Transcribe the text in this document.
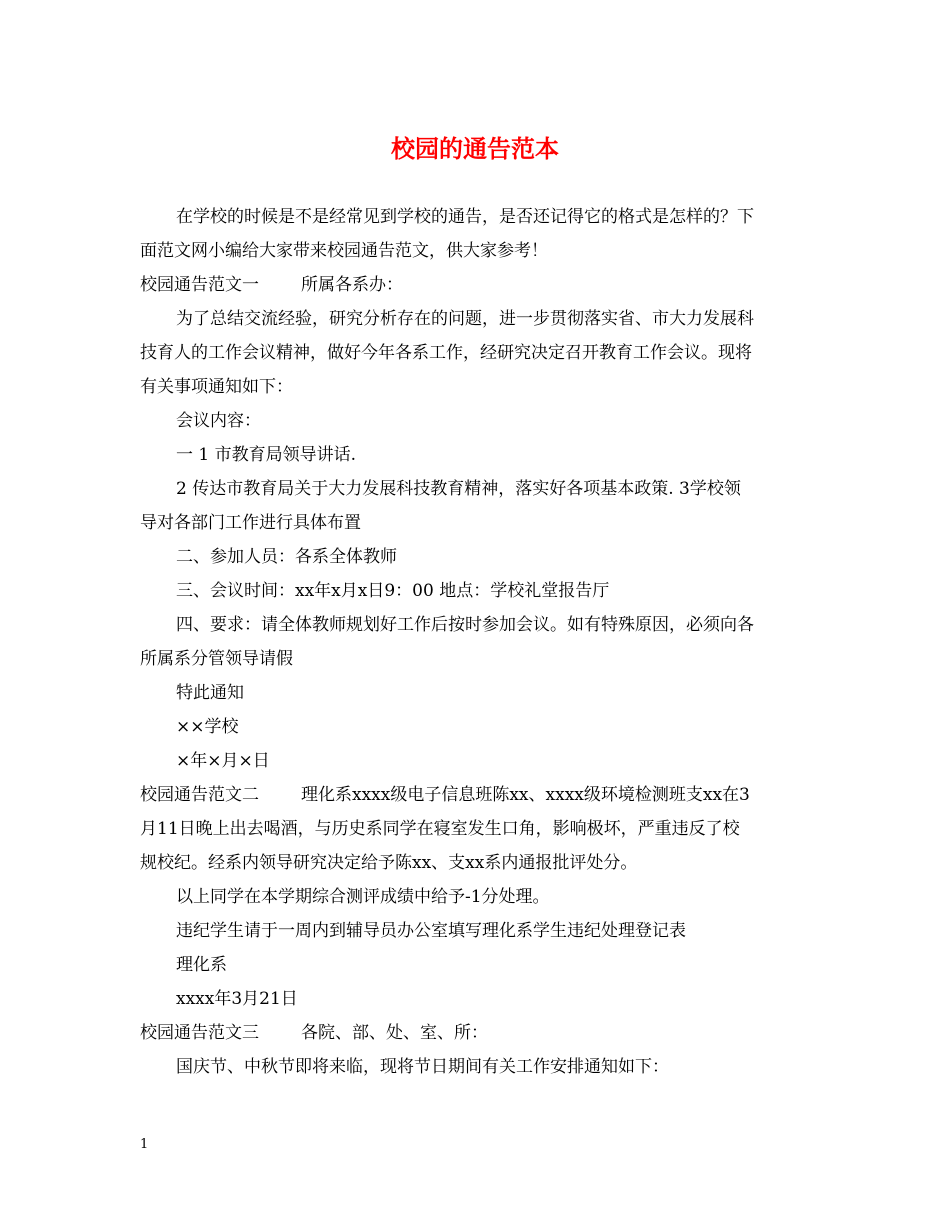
校园的通告范本
在学校的时候是不是经常见到学校的通告，是否还记得它的格式是怎样的？下
面范文网小编给大家带来校园通告范文，供大家参考！
校园通告范文一 所属各系办：
为了总结交流经验，研究分析存在的问题，进一步贯彻落实省、市大力发展科
技育人的工作会议精神，做好今年各系工作，经研究决定召开教育工作会议。现将
有关事项通知如下：
会议内容：
一 1 市教育局领导讲话.
2 传达市教育局关于大力发展科技教育精神，落实好各项基本政策. 3学校领
导对各部门工作进行具体布置
二、参加人员：各系全体教师
三、会议时间：xx年x月x日9：00 地点：学校礼堂报告厅
四、要求：请全体教师规划好工作后按时参加会议。如有特殊原因，必须向各
所属系分管领导请假
特此通知
××学校
×年×月×日
校园通告范文二 理化系xxxx级电子信息班陈xx、xxxx级环境检测班支xx在3
月11日晚上出去喝酒，与历史系同学在寝室发生口角，影响极坏，严重违反了校
规校纪。经系内领导研究决定给予陈xx、支xx系内通报批评处分。
以上同学在本学期综合测评成绩中给予-1分处理。
违纪学生请于一周内到辅导员办公室填写理化系学生违纪处理登记表
理化系
xxxx年3月21日
校园通告范文三 各院、部、处、室、所：
国庆节、中秋节即将来临，现将节日期间有关工作安排通知如下：
1
